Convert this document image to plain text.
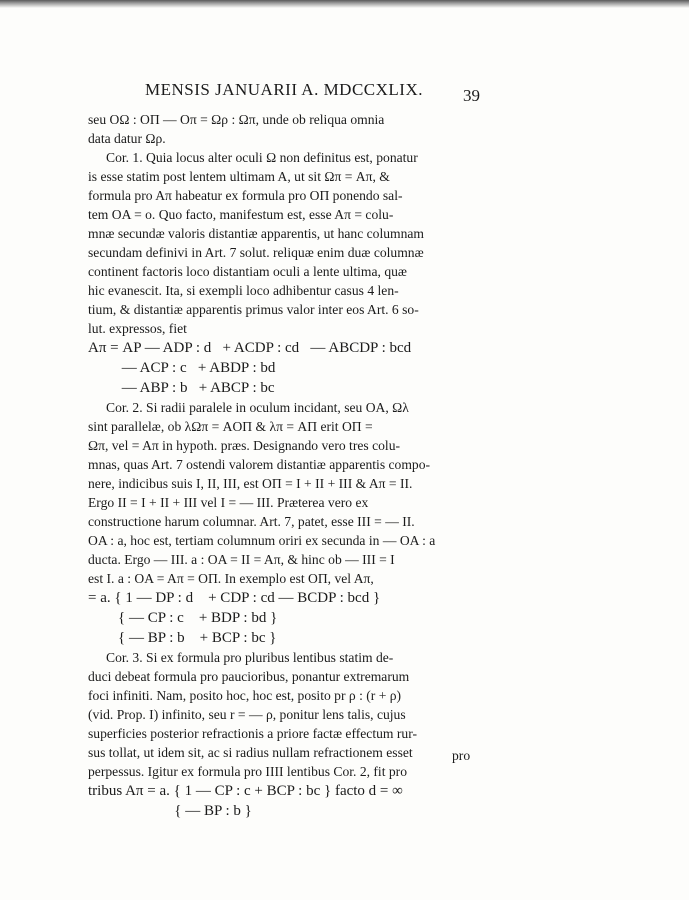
MENSIS JANUARII A. MDCCXLIX.	39
seu OΩ : OΠ — Oπ = Ωρ : Ωπ, unde ob reliqua omnia
data datur Ωρ.
Cor. 1. Quia locus alter oculi Ω non definitus est, ponatur
is esse statim post lentem ultimam A, ut sit Ωπ = Aπ, &
formula pro Aπ habeatur ex formula pro OΠ ponendo sal-
tem OA = o. Quo facto, manifestum est, esse Aπ = colu-
mnæ secundæ valoris distantiæ apparentis, ut hanc columnam
secundam definivi in Art. 7 solut. reliquæ enim duæ columnæ
continent factoris loco distantiam oculi a lente ultima, quæ
hic evanescit. Ita, si exempli loco adhibentur casus 4 len-
tium, & distantiæ apparentis primus valor inter eos Art. 6 so-
lut. expressos, fiet
Aπ = AP — ADP : d   + ACDP : cd   — ABCDP : bcd
— ACP : c   + ABDP : bd
— ABP : b   + ABCP : bc
Cor. 2. Si radii paralele in oculum incidant, seu OA, Ωλ
sint parallelæ, ob λΩπ = AOΠ & λπ = AΠ erit OΠ =
Ωπ, vel = Aπ in hypoth. præs. Designando vero tres colu-
mnas, quas Art. 7 ostendi valorem distantiæ apparentis compo-
nere, indicibus suis I, II, III, est OΠ = I + II + III & Aπ = II.
Ergo II = I + II + III vel I = — III. Præterea vero ex
constructione harum columnar. Art. 7, patet, esse III = — II.
OA : a, hoc est, tertiam columnum oriri ex secunda in — OA : a
ducta. Ergo — III. a : OA = II = Aπ, & hinc ob — III = I
est I. a : OA = Aπ = OΠ. In exemplo est OΠ, vel Aπ,
= a. { 1 — DP : d    + CDP : cd — BCDP : bcd }
{ — CP : c    + BDP : bd }
{ — BP : b    + BCP : bc }
Cor. 3. Si ex formula pro pluribus lentibus statim de-
duci debeat formula pro paucioribus, ponantur extremarum
foci infiniti. Nam, posito hoc, hoc est, posito pr ρ : (r + ρ)
(vid. Prop. I) infinito, seu r = — ρ, ponitur lens talis, cujus
superficies posterior refractionis a priore factæ effectum rur-
sus tollat, ut idem sit, ac si radius nullam refractionem esset
perpessus. Igitur ex formula pro IIII lentibus Cor. 2, fit pro
tribus Aπ = a. { 1 — CP : c + BCP : bc } facto d = ∞
{ — BP : b }
pro
